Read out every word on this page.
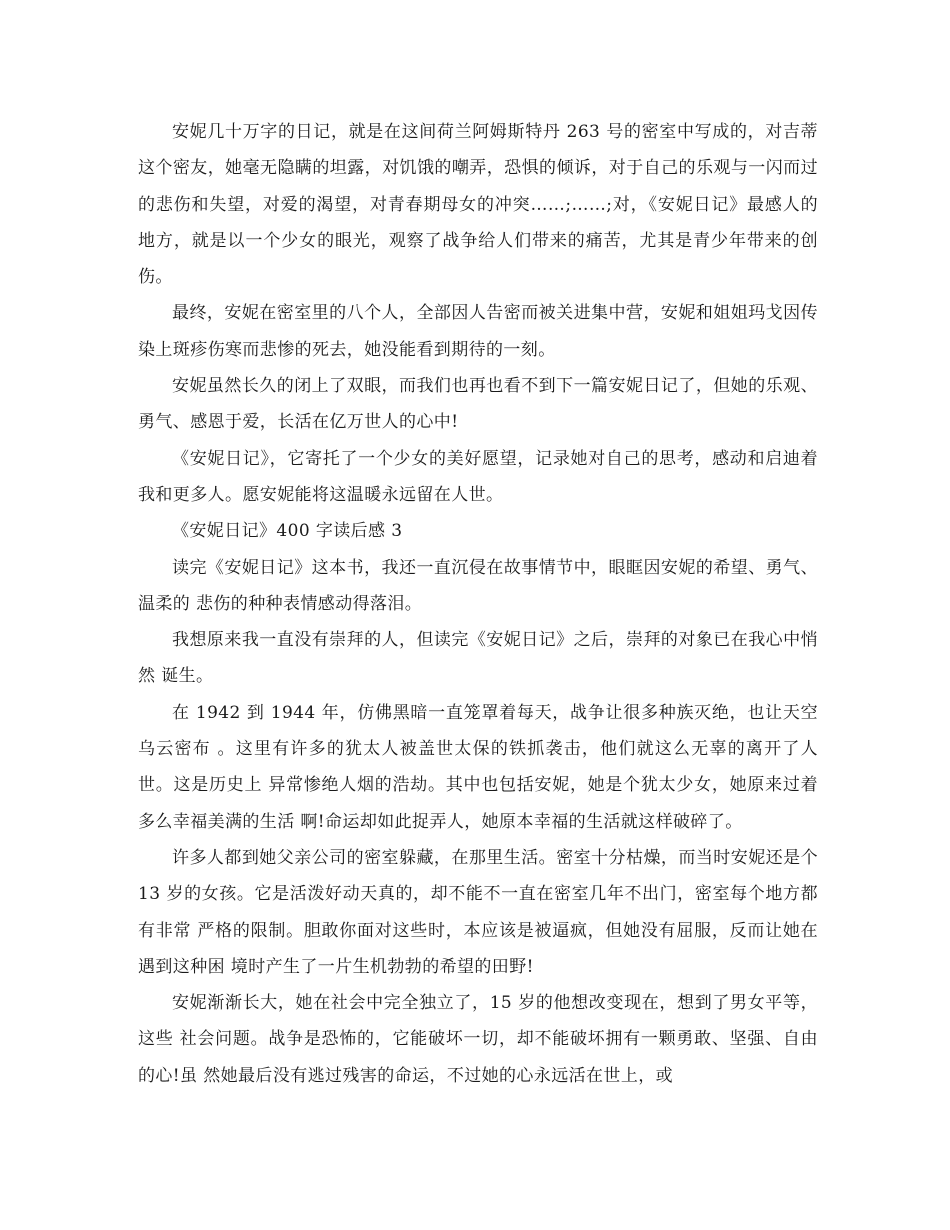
安妮几十万字的日记，就是在这间荷兰阿姆斯特丹 263 号的密室中写成的，对吉蒂这个密友，她毫无隐瞒的坦露，对饥饿的嘲弄，恐惧的倾诉，对于自己的乐观与一闪而过的悲伤和失望，对爱的渴望，对青春期母女的冲突……;……;对，《安妮日记》最感人的地方，就是以一个少女的眼光，观察了战争给人们带来的痛苦，尤其是青少年带来的创伤。

最终，安妮在密室里的八个人，全部因人告密而被关进集中营，安妮和姐姐玛戈因传染上斑疹伤寒而悲惨的死去，她没能看到期待的一刻。

安妮虽然长久的闭上了双眼，而我们也再也看不到下一篇安妮日记了，但她的乐观、勇气、感恩于爱，长活在亿万世人的心中!

《安妮日记》，它寄托了一个少女的美好愿望，记录她对自己的思考，感动和启迪着我和更多人。愿安妮能将这温暖永远留在人世。

《安妮日记》400 字读后感 3

读完《安妮日记》这本书，我还一直沉侵在故事情节中，眼眶因安妮的希望、勇气、温柔的 悲伤的种种表情感动得落泪。

我想原来我一直没有崇拜的人，但读完《安妮日记》之后，崇拜的对象已在我心中悄然 诞生。

在 1942 到 1944 年，仿佛黑暗一直笼罩着每天，战争让很多种族灭绝，也让天空乌云密布 。这里有许多的犹太人被盖世太保的铁抓袭击，他们就这么无辜的离开了人世。这是历史上 异常惨绝人烟的浩劫。其中也包括安妮，她是个犹太少女，她原来过着多么幸福美满的生活 啊!命运却如此捉弄人，她原本幸福的生活就这样破碎了。

许多人都到她父亲公司的密室躲藏，在那里生活。密室十分枯燥，而当时安妮还是个 13 岁的女孩。它是活泼好动天真的，却不能不一直在密室几年不出门，密室每个地方都有非常 严格的限制。胆敢你面对这些时，本应该是被逼疯，但她没有屈服，反而让她在遇到这种困 境时产生了一片生机勃勃的希望的田野!

安妮渐渐长大，她在社会中完全独立了，15 岁的他想改变现在，想到了男女平等，这些 社会问题。战争是恐怖的，它能破坏一切，却不能破坏拥有一颗勇敢、坚强、自由的心!虽 然她最后没有逃过残害的命运，不过她的心永远活在世上，或
